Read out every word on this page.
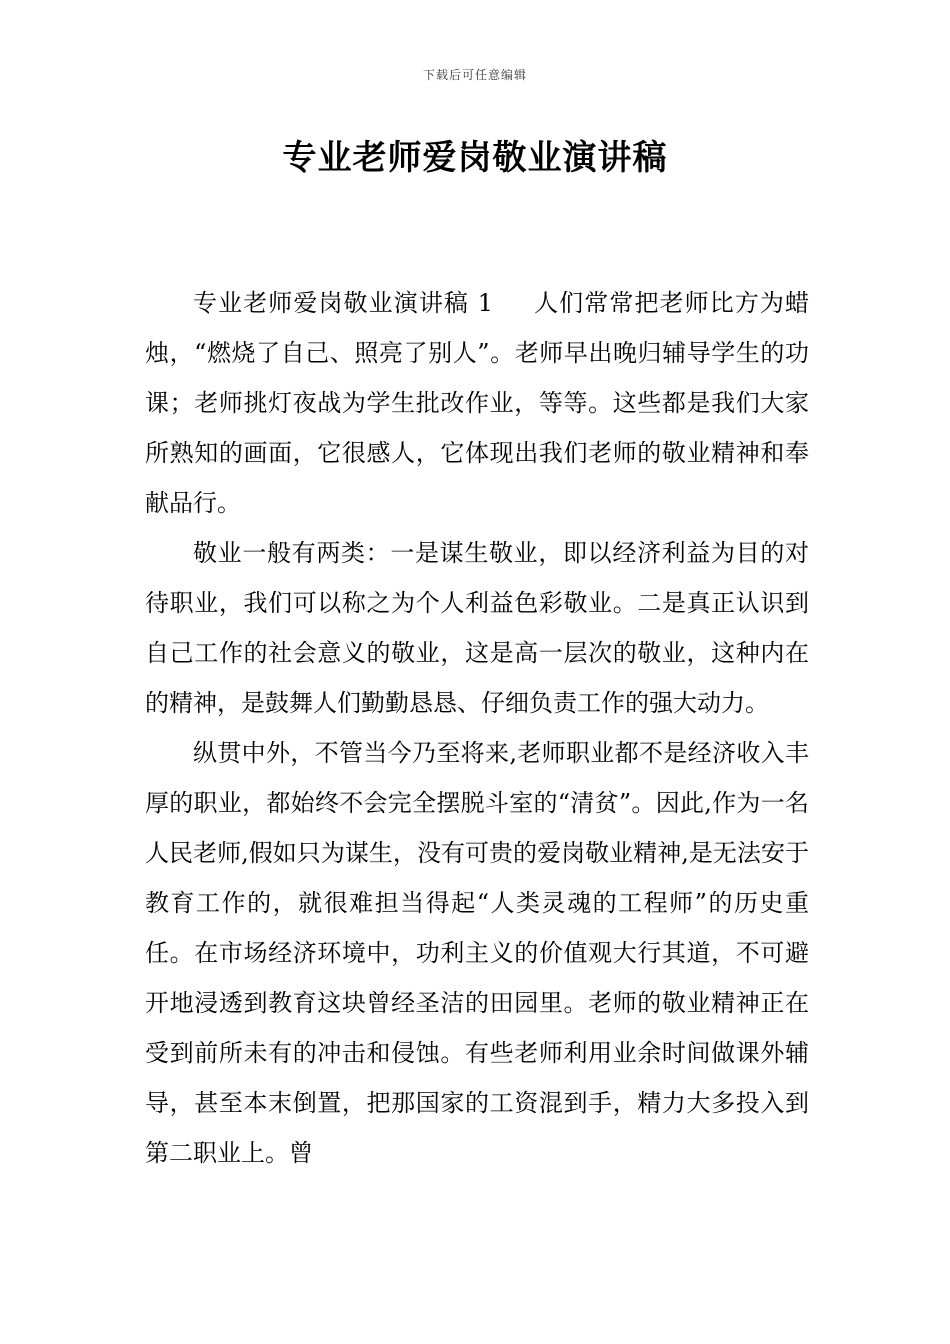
下载后可任意编辑
专业老师爱岗敬业演讲稿

专业老师爱岗敬业演讲稿 1 人们常常把老师比方为蜡烛，“燃烧了自己、照亮了别人”。老师早出晚归辅导学生的功课；老师挑灯夜战为学生批改作业，等等。这些都是我们大家所熟知的画面，它很感人，它体现出我们老师的敬业精神和奉献品行。

敬业一般有两类：一是谋生敬业，即以经济利益为目的对待职业，我们可以称之为个人利益色彩敬业。二是真正认识到自己工作的社会意义的敬业，这是高一层次的敬业，这种内在的精神，是鼓舞人们勤勤恳恳、仔细负责工作的强大动力。

纵贯中外，不管当今乃至将来,老师职业都不是经济收入丰厚的职业，都始终不会完全摆脱斗室的“清贫”。因此,作为一名人民老师,假如只为谋生，没有可贵的爱岗敬业精神,是无法安于教育工作的，就很难担当得起“人类灵魂的工程师”的历史重任。在市场经济环境中，功利主义的价值观大行其道，不可避开地浸透到教育这块曾经圣洁的田园里。老师的敬业精神正在受到前所未有的冲击和侵蚀。有些老师利用业余时间做课外辅导，甚至本末倒置，把那国家的工资混到手，精力大多投入到第二职业上。曾
